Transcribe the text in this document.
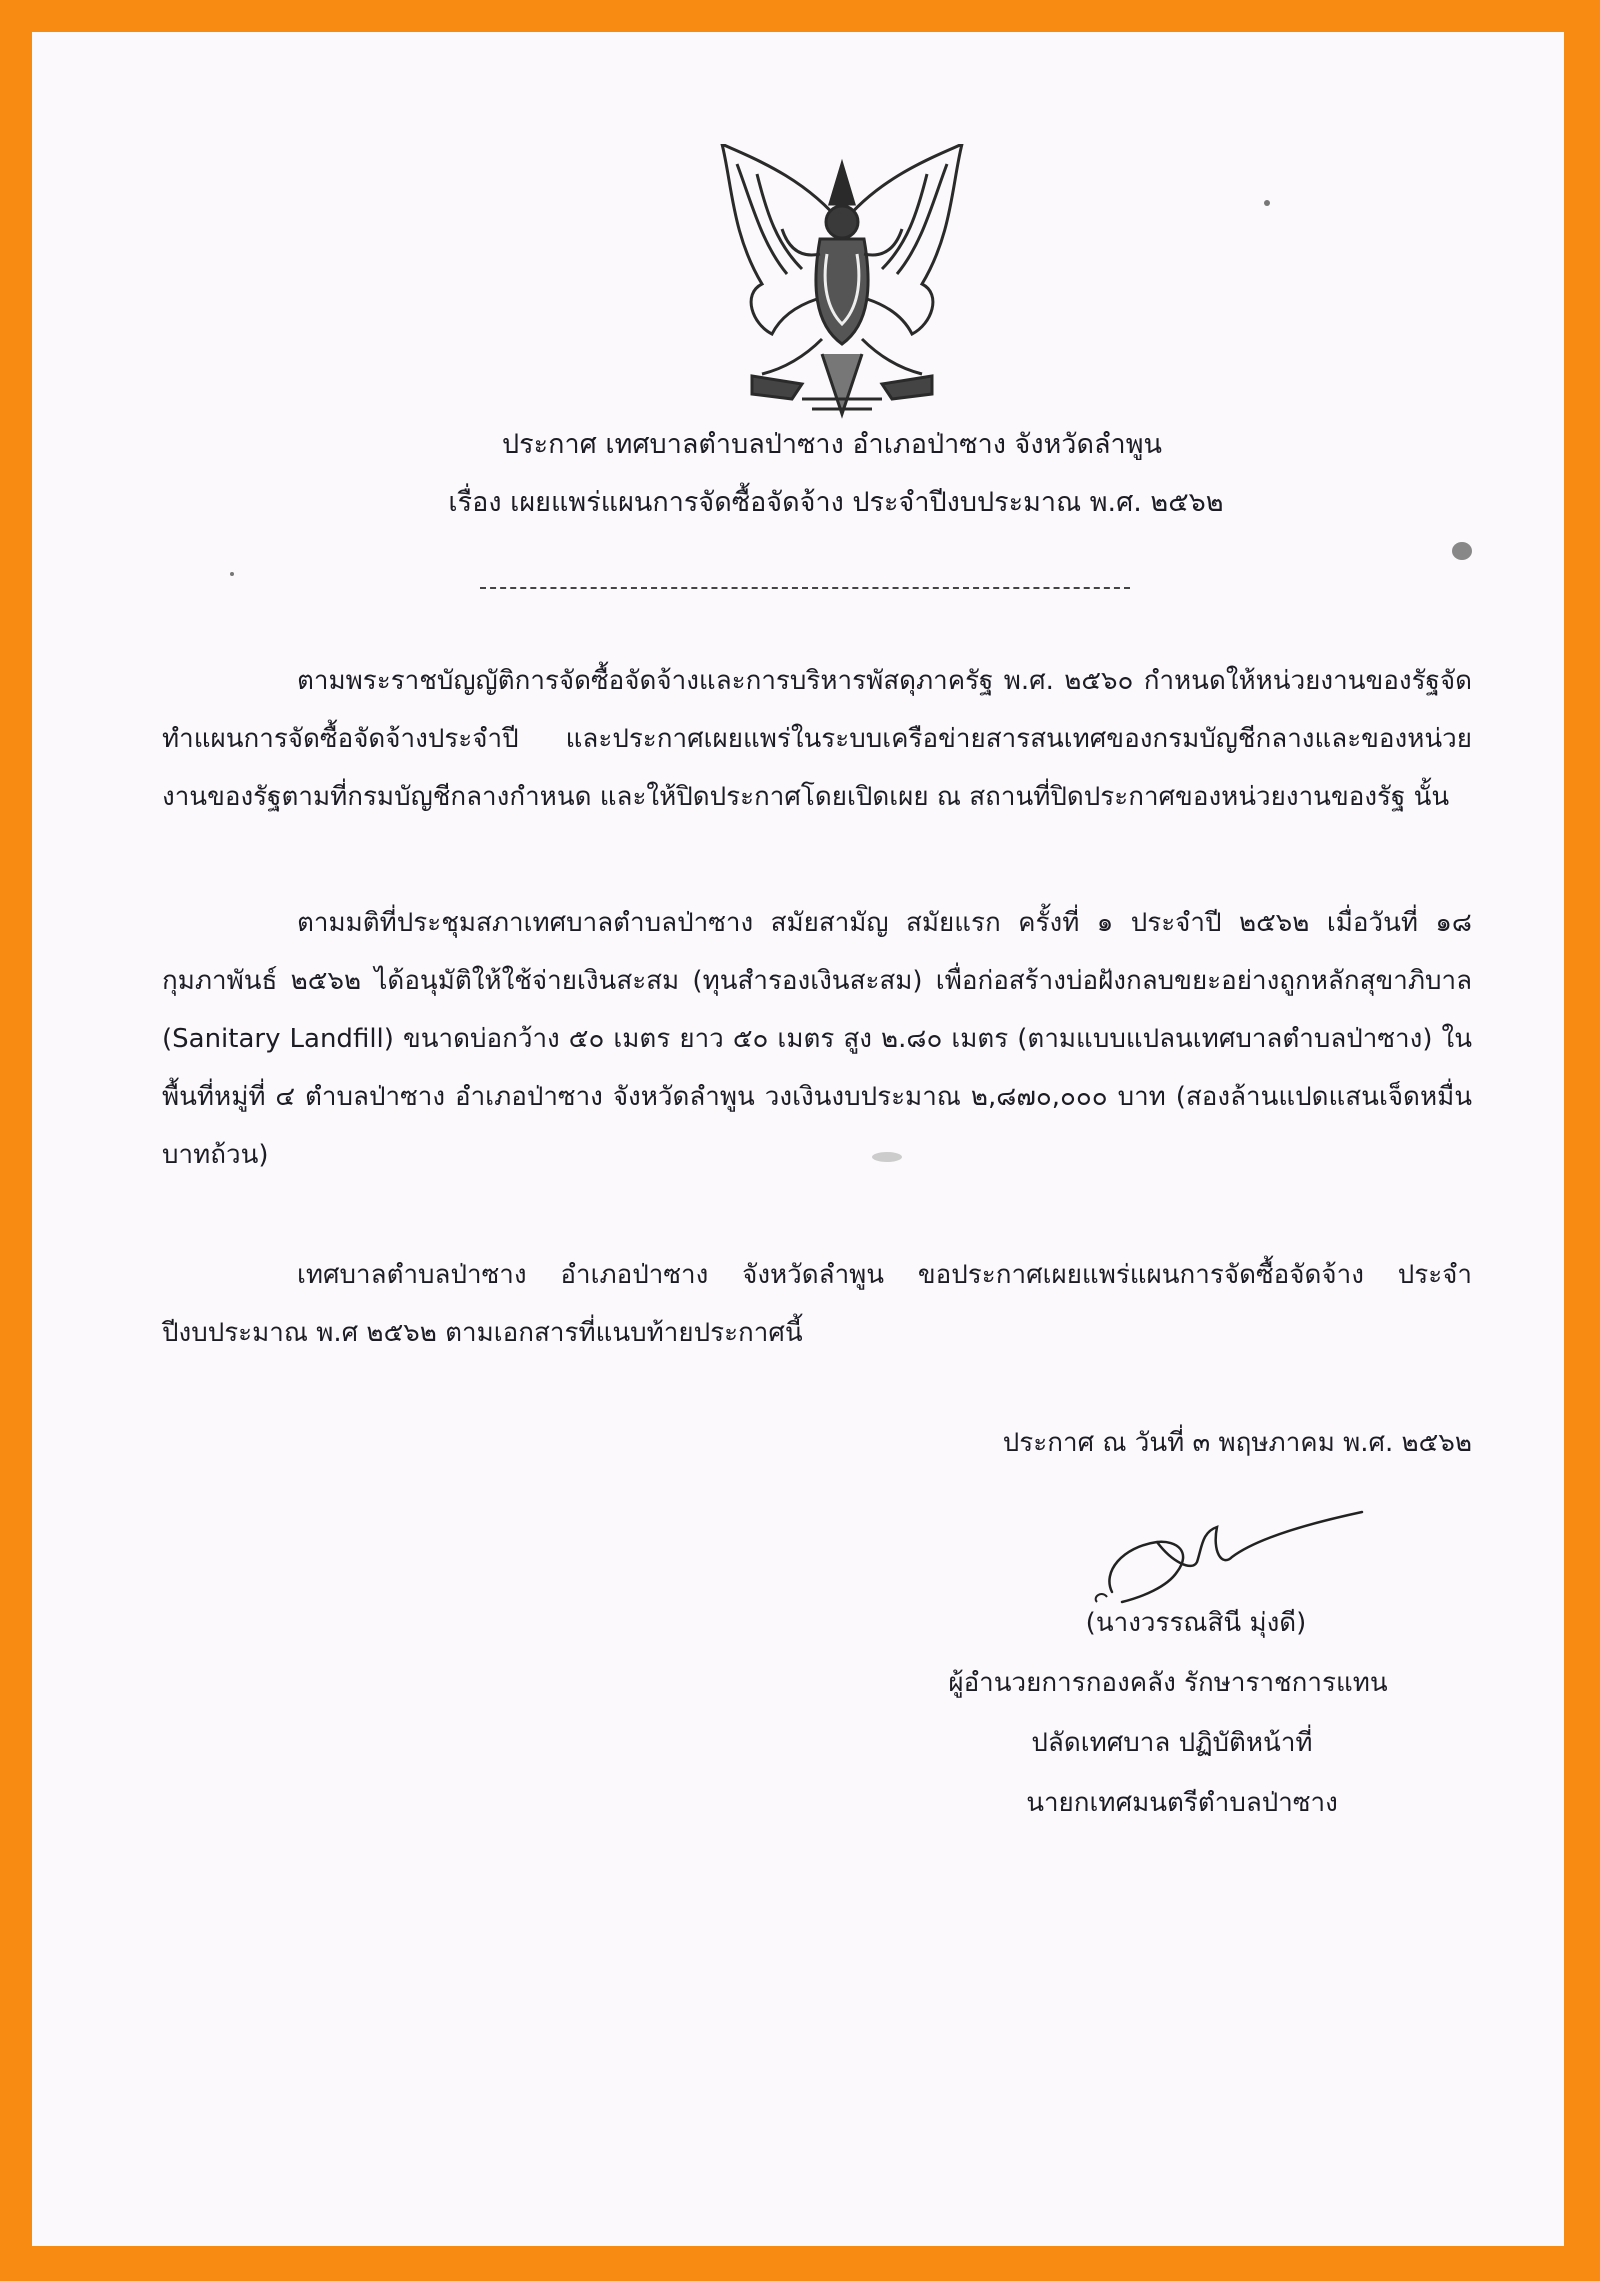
ประกาศ เทศบาลตำบลป่าซาง อำเภอป่าซาง จังหวัดลำพูน
เรื่อง เผยแพร่แผนการจัดซื้อจัดจ้าง ประจำปีงบประมาณ พ.ศ. ๒๕๖๒

ตามพระราชบัญญัติการจัดซื้อจัดจ้างและการบริหารพัสดุภาครัฐ พ.ศ. ๒๕๖๐ กำหนดให้หน่วยงานของรัฐจัดทำแผนการจัดซื้อจัดจ้างประจำปี และประกาศเผยแพร่ในระบบเครือข่ายสารสนเทศของกรมบัญชีกลางและของหน่วยงานของรัฐตามที่กรมบัญชีกลางกำหนด และให้ปิดประกาศโดยเปิดเผย ณ สถานที่ปิดประกาศของหน่วยงานของรัฐ นั้น

ตามมติที่ประชุมสภาเทศบาลตำบลป่าซาง สมัยสามัญ สมัยแรก ครั้งที่ ๑ ประจำปี ๒๕๖๒ เมื่อวันที่ ๑๘ กุมภาพันธ์ ๒๕๖๒ ได้อนุมัติให้ใช้จ่ายเงินสะสม (ทุนสำรองเงินสะสม) เพื่อก่อสร้างบ่อฝังกลบขยะอย่างถูกหลักสุขาภิบาล (Sanitary Landfill) ขนาดบ่อกว้าง ๕๐ เมตร ยาว ๕๐ เมตร สูง ๒.๘๐ เมตร (ตามแบบแปลนเทศบาลตำบลป่าซาง) ในพื้นที่หมู่ที่ ๔ ตำบลป่าซาง อำเภอป่าซาง จังหวัดลำพูน วงเงินงบประมาณ ๒,๘๗๐,๐๐๐ บาท (สองล้านแปดแสนเจ็ดหมื่นบาทถ้วน)

เทศบาลตำบลป่าซาง อำเภอป่าซาง จังหวัดลำพูน ขอประกาศเผยแพร่แผนการจัดซื้อจัดจ้าง ประจำปีงบประมาณ พ.ศ ๒๕๖๒ ตามเอกสารที่แนบท้ายประกาศนี้

ประกาศ ณ วันที่ ๓ พฤษภาคม พ.ศ. ๒๕๖๒
(นางวรรณสินี มุ่งดี)
ผู้อำนวยการกองคลัง รักษาราชการแทน
ปลัดเทศบาล ปฏิบัติหน้าที่
นายกเทศมนตรีตำบลป่าซาง
